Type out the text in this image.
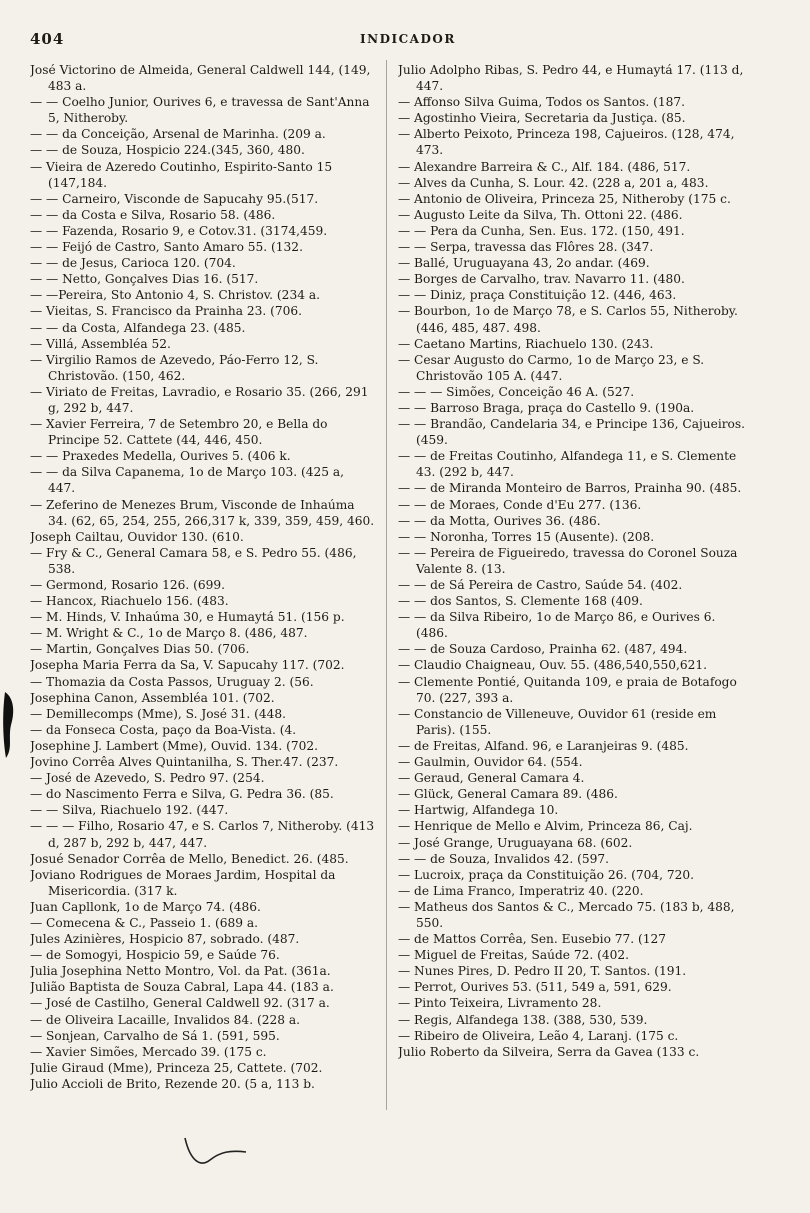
404	INDICADOR
José Victorino de Almeida, General Caldwell 144, (149, 483 a.
— — Coelho Junior, Ourives 6, e travessa de Sant'Anna 5, Nitheroby.
— — da Conceição, Arsenal de Marinha. (209 a.
— — de Souza, Hospicio 224.(345, 360, 480.
— Vieira de Azeredo Coutinho, Espirito-Santo 15 (147,184.
— — Carneiro, Visconde de Sapucahy 95.(517.
— — da Costa e Silva, Rosario 58. (486.
— — Fazenda, Rosario 9, e Cotov.31. (3174,459.
— — Feijó de Castro, Santo Amaro 55. (132.
— — de Jesus, Carioca 120. (704.
— — Netto, Gonçalves Dias 16. (517.
— —Pereira, Sto Antonio 4, S. Christov. (234 a.
— Vieitas, S. Francisco da Prainha 23. (706.
— — da Costa, Alfandega 23. (485.
— Villá, Assembléa 52.
— Virgilio Ramos de Azevedo, Páo-Ferro 12, S. Christovão. (150, 462.
— Viriato de Freitas, Lavradio, e Rosario 35. (266, 291 g, 292 b, 447.
— Xavier Ferreira, 7 de Setembro 20, e Bella do Principe 52. Cattete (44, 446, 450.
— — Praxedes Medella, Ourives 5. (406 k.
— — da Silva Capanema, 1o de Março 103. (425 a, 447.
— Zeferino de Menezes Brum, Visconde de Inhaúma 34. (62, 65, 254, 255, 266,317 k, 339, 359, 459, 460.
Joseph Cailtau, Ouvidor 130. (610.
— Fry & C., General Camara 58, e S. Pedro 55. (486, 538.
— Germond, Rosario 126. (699.
— Hancox, Riachuelo 156. (483.
— M. Hinds, V. Inhaúma 30, e Humaytá 51. (156 p.
— M. Wright & C., 1o de Março 8. (486, 487.
— Martin, Gonçalves Dias 50. (706.
Josepha Maria Ferra da Sa, V. Sapucahy 117. (702.
— Thomazia da Costa Passos, Uruguay 2. (56.
Josephina Canon, Assembléa 101. (702.
— Demillecomps (Mme), S. José 31. (448.
— da Fonseca Costa, paço da Boa-Vista. (4.
Josephine J. Lambert (Mme), Ouvid. 134. (702.
Jovino Corrêa Alves Quintanilha, S. Ther.47. (237.
— José de Azevedo, S. Pedro 97. (254.
— do Nascimento Ferra e Silva, G. Pedra 36. (85.
— — Silva, Riachuelo 192. (447.
— — — Filho, Rosario 47, e S. Carlos 7, Nitheroby. (413 d, 287 b, 292 b, 447, 447.
Josué Senador Corrêa de Mello, Benedict. 26. (485.
Joviano Rodrigues de Moraes Jardim, Hospital da Misericordia. (317 k.
Juan Capllonk, 1o de Março 74. (486.
— Comecena & C., Passeio 1. (689 a.
Jules Azinières, Hospicio 87, sobrado. (487.
— de Somogyi, Hospicio 59, e Saúde 76.
Julia Josephina Netto Montro, Vol. da Pat. (361a.
Julião Baptista de Souza Cabral, Lapa 44. (183 a.
— José de Castilho, General Caldwell 92. (317 a.
— de Oliveira Lacaille, Invalidos 84. (228 a.
— Sonjean, Carvalho de Sá 1. (591, 595.
— Xavier Simões, Mercado 39. (175 c.
Julie Giraud (Mme), Princeza 25, Cattete. (702.
Julio Accioli de Brito, Rezende 20. (5 a, 113 b.
Julio Adolpho Ribas, S. Pedro 44, e Humaytá 17. (113 d, 447.
— Affonso Silva Guima, Todos os Santos. (187.
— Agostinho Vieira, Secretaria da Justiça. (85.
— Alberto Peixoto, Princeza 198, Cajueiros. (128, 474, 473.
— Alexandre Barreira & C., Alf. 184. (486, 517.
— Alves da Cunha, S. Lour. 42. (228 a, 201 a, 483.
— Antonio de Oliveira, Princeza 25, Nitheroby (175 c.
— Augusto Leite da Silva, Th. Ottoni 22. (486.
— — Pera da Cunha, Sen. Eus. 172. (150, 491.
— — Serpa, travessa das Flôres 28. (347.
— Ballé, Uruguayana 43, 2o andar. (469.
— Borges de Carvalho, trav. Navarro 11. (480.
— — Diniz, praça Constituição 12. (446, 463.
— Bourbon, 1o de Março 78, e S. Carlos 55, Nitheroby. (446, 485, 487. 498.
— Caetano Martins, Riachuelo 130. (243.
— Cesar Augusto do Carmo, 1o de Março 23, e S. Christovão 105 A. (447.
— — — Simões, Conceição 46 A. (527.
— — Barroso Braga, praça do Castello 9. (190a.
— — Brandão, Candelaria 34, e Principe 136, Cajueiros. (459.
— — de Freitas Coutinho, Alfandega 11, e S. Clemente 43. (292 b, 447.
— — de Miranda Monteiro de Barros, Prainha 90. (485.
— — de Moraes, Conde d'Eu 277. (136.
— — da Motta, Ourives 36. (486.
— — Noronha, Torres 15 (Ausente). (208.
— — Pereira de Figueiredo, travessa do Coronel Souza Valente 8. (13.
— — de Sá Pereira de Castro, Saúde 54. (402.
— — dos Santos, S. Clemente 168 (409.
— — da Silva Ribeiro, 1o de Março 86, e Ourives 6. (486.
— — de Souza Cardoso, Prainha 62. (487, 494.
— Claudio Chaigneau, Ouv. 55. (486,540,550,621.
— Clemente Pontié, Quitanda 109, e praia de Botafogo 70. (227, 393 a.
— Constancio de Villeneuve, Ouvidor 61 (reside em Paris). (155.
— de Freitas, Alfand. 96, e Laranjeiras 9. (485.
— Gaulmin, Ouvidor 64. (554.
— Geraud, General Camara 4.
— Glück, General Camara 89. (486.
— Hartwig, Alfandega 10.
— Henrique de Mello e Alvim, Princeza 86, Caj.
— José Grange, Uruguayana 68. (602.
— — de Souza, Invalidos 42. (597.
— Lucroix, praça da Constituição 26. (704, 720.
— de Lima Franco, Imperatriz 40. (220.
— Matheus dos Santos & C., Mercado 75. (183 b, 488, 550.
— de Mattos Corrêa, Sen. Eusebio 77. (127
— Miguel de Freitas, Saúde 72. (402.
— Nunes Pires, D. Pedro II 20, T. Santos. (191.
— Perrot, Ourives 53. (511, 549 a, 591, 629.
— Pinto Teixeira, Livramento 28.
— Regis, Alfandega 138. (388, 530, 539.
— Ribeiro de Oliveira, Leão 4, Laranj. (175 c.
Julio Roberto da Silveira, Serra da Gavea (133 c.
